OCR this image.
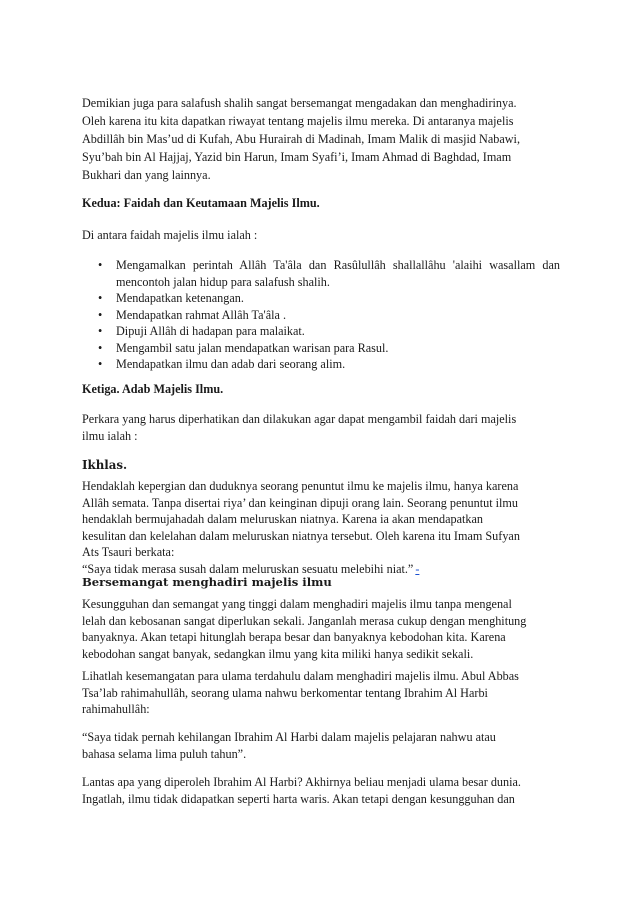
Demikian juga para salafush shalih sangat bersemangat mengadakan dan menghadirinya.
Oleh karena itu kita dapatkan riwayat tentang majelis ilmu mereka. Di antaranya majelis
Abdillâh bin Mas’ud di Kufah, Abu Hurairah di Madinah, Imam Malik di masjid Nabawi,
Syu’bah bin Al Hajjaj, Yazid bin Harun, Imam Syafi’i, Imam Ahmad di Baghdad, Imam
Bukhari dan yang lainnya.
Kedua: Faidah dan Keutamaan Majelis Ilmu.
Di antara faidah majelis ilmu ialah :
• Mengamalkan perintah Allâh Ta'âla dan Rasûlullâh shallallâhu 'alaihi wasallam dan mencontoh jalan hidup para salafush shalih.
• Mendapatkan ketenangan.
• Mendapatkan rahmat Allâh Ta'âla .
• Dipuji Allâh di hadapan para malaikat.
• Mengambil satu jalan mendapatkan warisan para Rasul.
• Mendapatkan ilmu dan adab dari seorang alim.
Ketiga. Adab Majelis Ilmu.
Perkara yang harus diperhatikan dan dilakukan agar dapat mengambil faidah dari majelis
ilmu ialah :
Ikhlas.
Hendaklah kepergian dan duduknya seorang penuntut ilmu ke majelis ilmu, hanya karena
Allâh semata. Tanpa disertai riya’ dan keinginan dipuji orang lain. Seorang penuntut ilmu
hendaklah bermujahadah dalam meluruskan niatnya. Karena ia akan mendapatkan
kesulitan dan kelelahan dalam meluruskan niatnya tersebut. Oleh karena itu Imam Sufyan
Ats Tsauri berkata:
“Saya tidak merasa susah dalam meluruskan sesuatu melebihi niat.” -
Bersemangat menghadiri majelis ilmu
Kesungguhan dan semangat yang tinggi dalam menghadiri majelis ilmu tanpa mengenal
lelah dan kebosanan sangat diperlukan sekali. Janganlah merasa cukup dengan menghitung
banyaknya. Akan tetapi hitunglah berapa besar dan banyaknya kebodohan kita. Karena
kebodohan sangat banyak, sedangkan ilmu yang kita miliki hanya sedikit sekali.
Lihatlah kesemangatan para ulama terdahulu dalam menghadiri majelis ilmu. Abul Abbas
Tsa’lab rahimahullâh, seorang ulama nahwu berkomentar tentang Ibrahim Al Harbi
rahimahullâh:
“Saya tidak pernah kehilangan Ibrahim Al Harbi dalam majelis pelajaran nahwu atau
bahasa selama lima puluh tahun”.
Lantas apa yang diperoleh Ibrahim Al Harbi? Akhirnya beliau menjadi ulama besar dunia.
Ingatlah, ilmu tidak didapatkan seperti harta waris. Akan tetapi dengan kesungguhan dan
